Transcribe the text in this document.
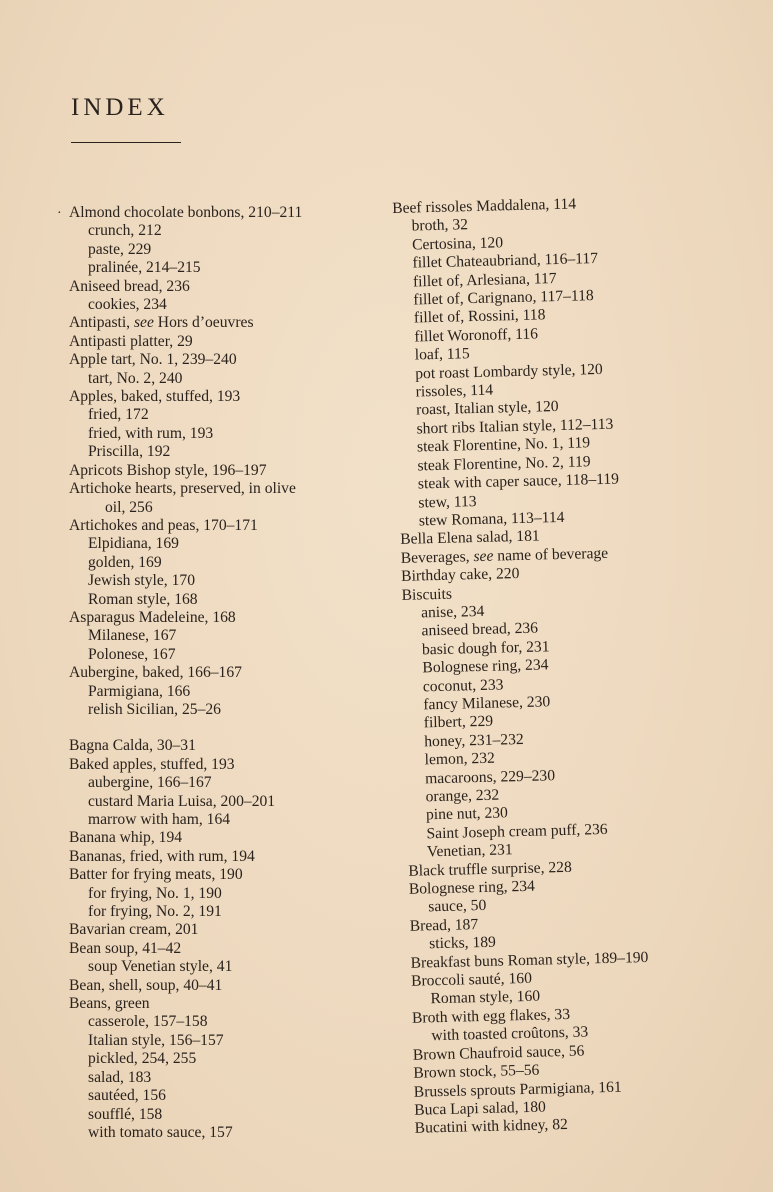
INDEX
· Almond chocolate bonbons, 210–211
crunch, 212
paste, 229
pralinée, 214–215
Aniseed bread, 236
cookies, 234
Antipasti, see Hors d’oeuvres
Antipasti platter, 29
Apple tart, No. 1, 239–240
tart, No. 2, 240
Apples, baked, stuffed, 193
fried, 172
fried, with rum, 193
Priscilla, 192
Apricots Bishop style, 196–197
Artichoke hearts, preserved, in olive
oil, 256
Artichokes and peas, 170–171
Elpidiana, 169
golden, 169
Jewish style, 170
Roman style, 168
Asparagus Madeleine, 168
Milanese, 167
Polonese, 167
Aubergine, baked, 166–167
Parmigiana, 166
relish Sicilian, 25–26
Bagna Calda, 30–31
Baked apples, stuffed, 193
aubergine, 166–167
custard Maria Luisa, 200–201
marrow with ham, 164
Banana whip, 194
Bananas, fried, with rum, 194
Batter for frying meats, 190
for frying, No. 1, 190
for frying, No. 2, 191
Bavarian cream, 201
Bean soup, 41–42
soup Venetian style, 41
Bean, shell, soup, 40–41
Beans, green
casserole, 157–158
Italian style, 156–157
pickled, 254, 255
salad, 183
sautéed, 156
soufflé, 158
with tomato sauce, 157
Beef rissoles Maddalena, 114
broth, 32
Certosina, 120
fillet Chateaubriand, 116–117
fillet of, Arlesiana, 117
fillet of, Carignano, 117–118
fillet of, Rossini, 118
fillet Woronoff, 116
loaf, 115
pot roast Lombardy style, 120
rissoles, 114
roast, Italian style, 120
short ribs Italian style, 112–113
steak Florentine, No. 1, 119
steak Florentine, No. 2, 119
steak with caper sauce, 118–119
stew, 113
stew Romana, 113–114
Bella Elena salad, 181
Beverages, see name of beverage
Birthday cake, 220
Biscuits
anise, 234
aniseed bread, 236
basic dough for, 231
Bolognese ring, 234
coconut, 233
fancy Milanese, 230
filbert, 229
honey, 231–232
lemon, 232
macaroons, 229–230
orange, 232
pine nut, 230
Saint Joseph cream puff, 236
Venetian, 231
Black truffle surprise, 228
Bolognese ring, 234
sauce, 50
Bread, 187
sticks, 189
Breakfast buns Roman style, 189–190
Broccoli sauté, 160
Roman style, 160
Broth with egg flakes, 33
with toasted croûtons, 33
Brown Chaufroid sauce, 56
Brown stock, 55–56
Brussels sprouts Parmigiana, 161
Buca Lapi salad, 180
Bucatini with kidney, 82
